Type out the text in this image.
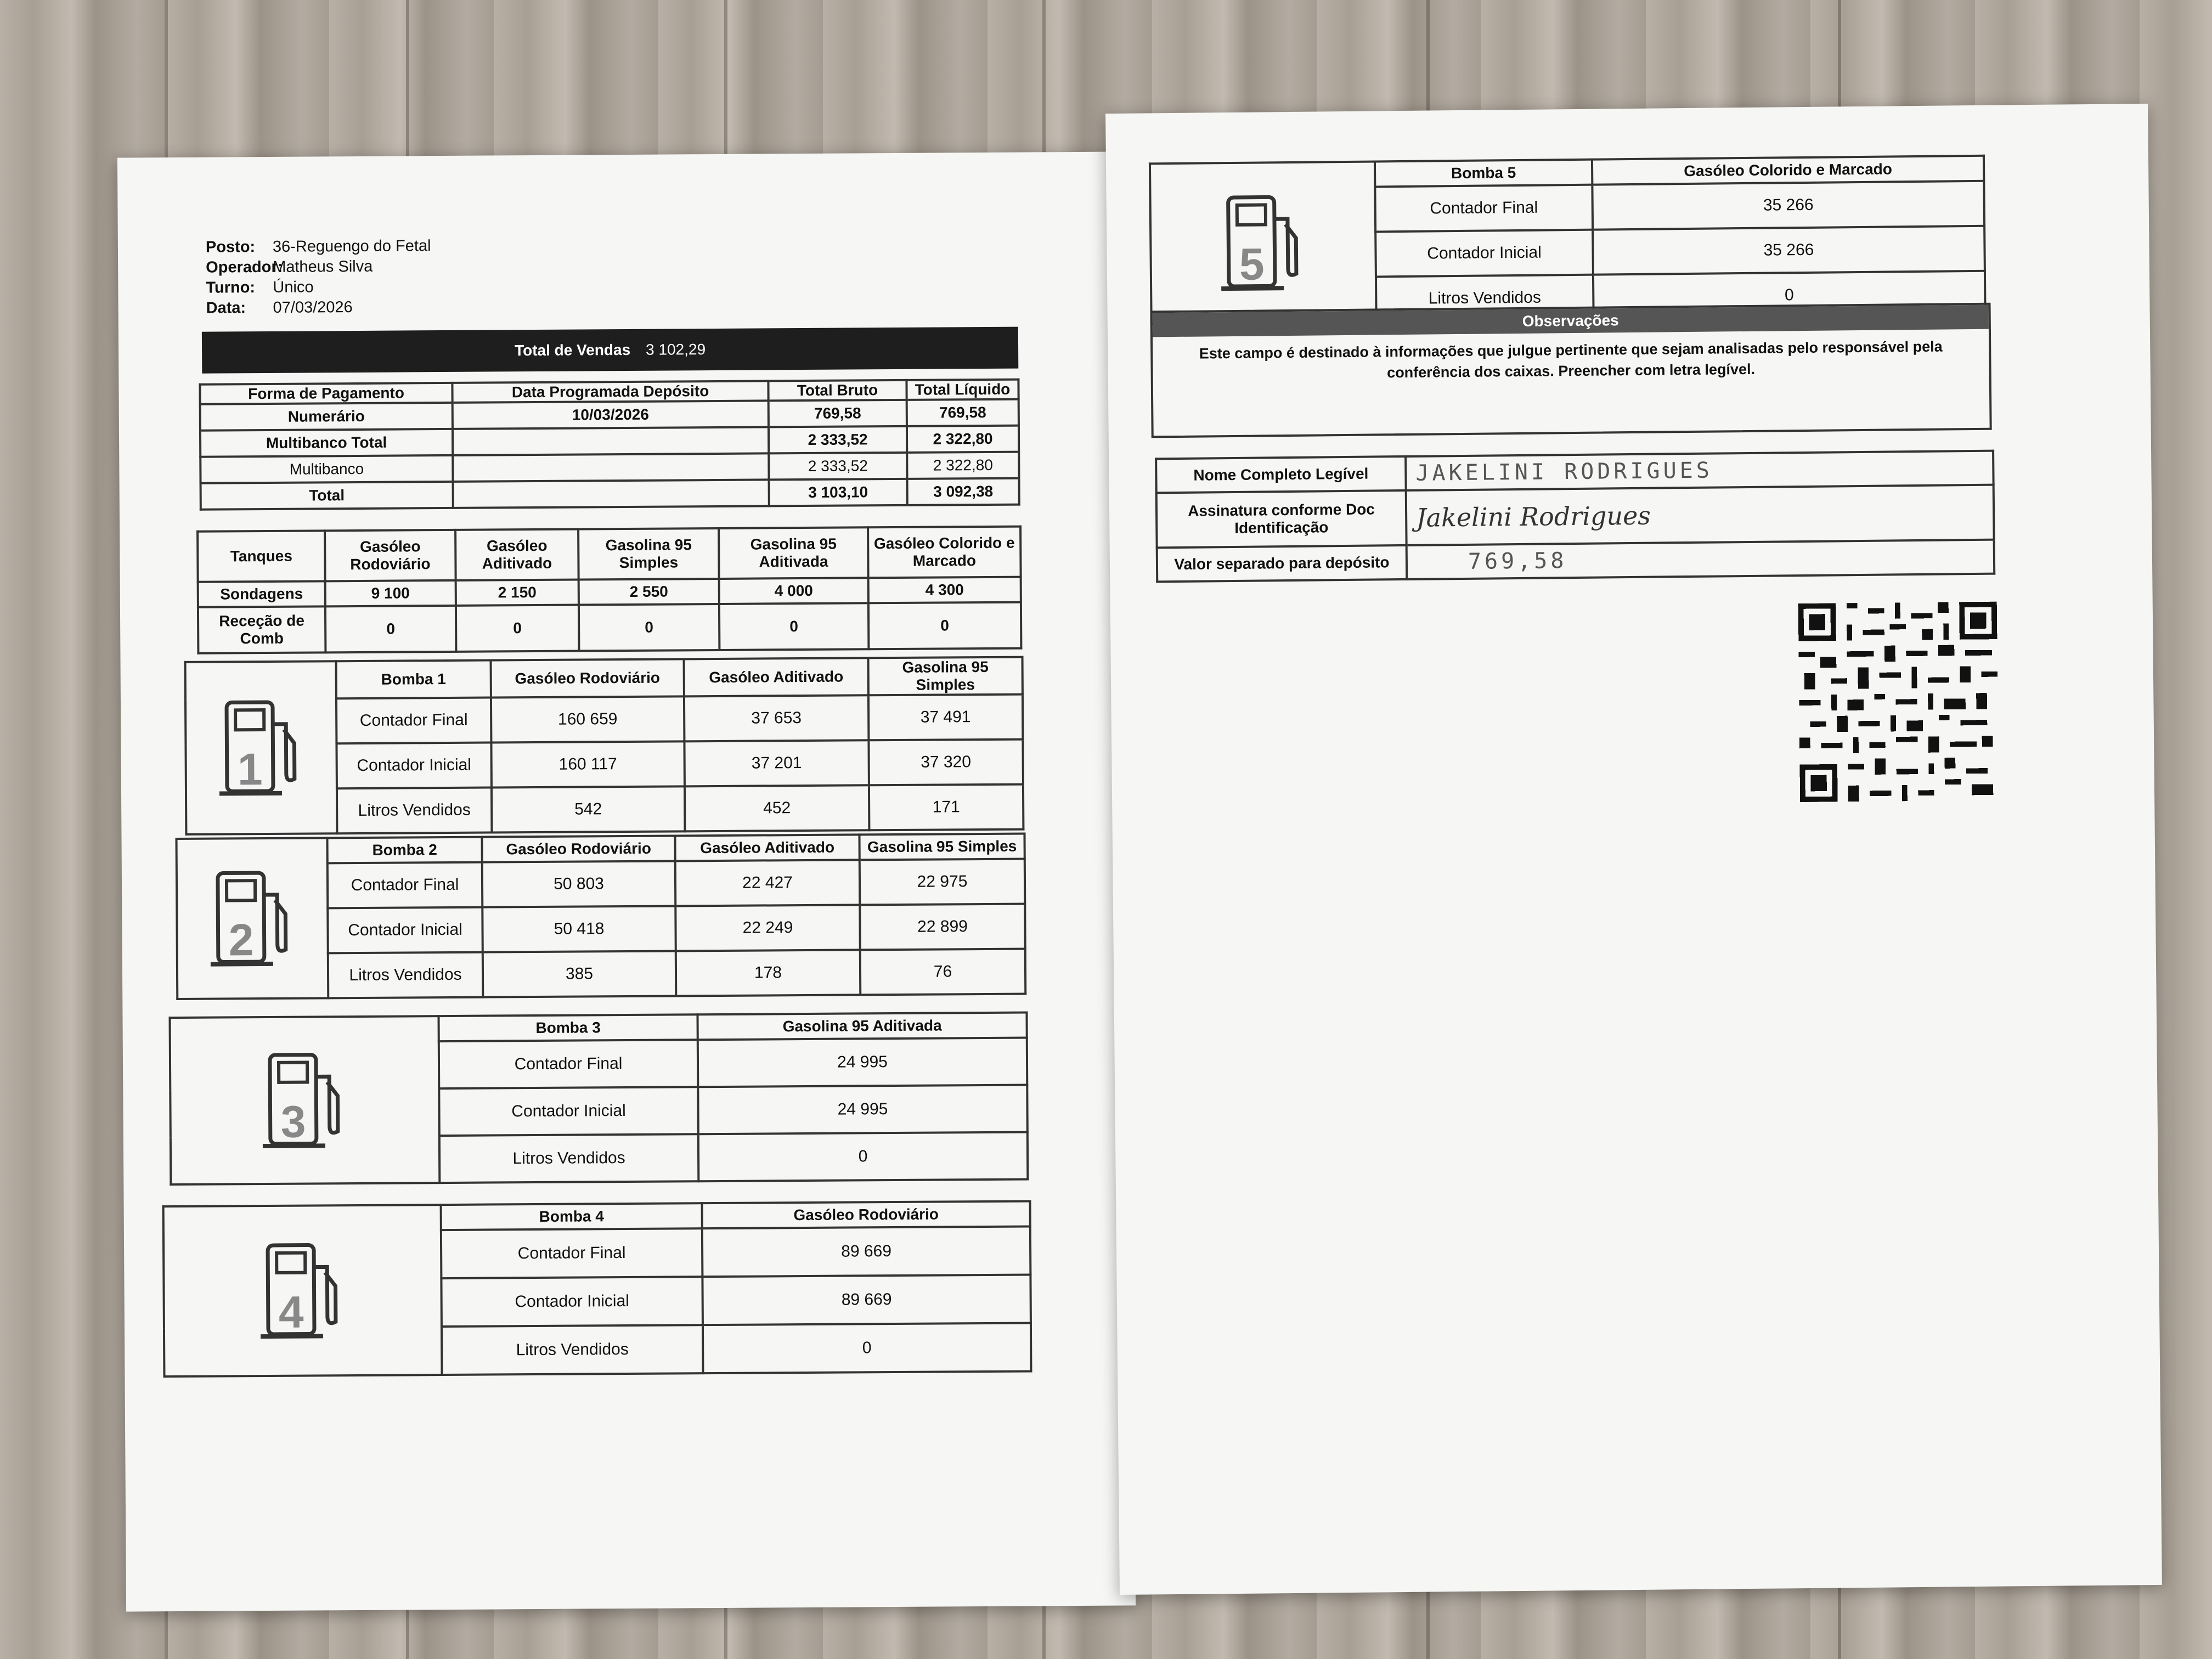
Posto:	36-Reguengo do Fetal
Operador:
Matheus Silva
Turno:	Único
Data:	07/03/2026
Total de Vendas 3 102,29
Forma de Pagamento	Data Programada Depósito	Total Bruto	Total Líquido
Numerário	10/03/2026	769,58	769,58
Multibanco Total		2 333,52	2 322,80
Multibanco		2 333,52	2 322,80
Total		3 103,10	3 092,38
Tanques	Gasóleo Rodoviário	Gasóleo Aditivado	Gasolina 95 Simples	Gasolina 95 Aditivada	Gasóleo Colorido e Marcado
Sondagens	9 100	2 150	2 550	4 000	4 300
Receção de Comb	0	0	0	0	0
1	Bomba 1	Gasóleo Rodoviário	Gasóleo Aditivado	Gasolina 95 Simples
	Contador Final	160 659	37 653	37 491
	Contador Inicial	160 117	37 201	37 320
	Litros Vendidos	542	452	171
2	Bomba 2	Gasóleo Rodoviário	Gasóleo Aditivado	Gasolina 95 Simples
	Contador Final	50 803	22 427	22 975
	Contador Inicial	50 418	22 249	22 899
	Litros Vendidos	385	178	76
3	Bomba 3	Gasolina 95 Aditivada
	Contador Final	24 995
	Contador Inicial	24 995
	Litros Vendidos	0
4	Bomba 4	Gasóleo Rodoviário
	Contador Final	89 669
	Contador Inicial	89 669
	Litros Vendidos	0
5	Bomba 5	Gasóleo Colorido e Marcado
	Contador Final	35 266
	Contador Inicial	35 266
	Litros Vendidos	0
Observações
Este campo é destinado à informações que julgue pertinente que sejam analisadas pelo responsável pela conferência dos caixas. Preencher com letra legível.
Nome Completo Legível	JAKELINI RODRIGUES
Assinatura conforme Doc Identificação	Jakelini Rodrigues
Valor separado para depósito	769,58
